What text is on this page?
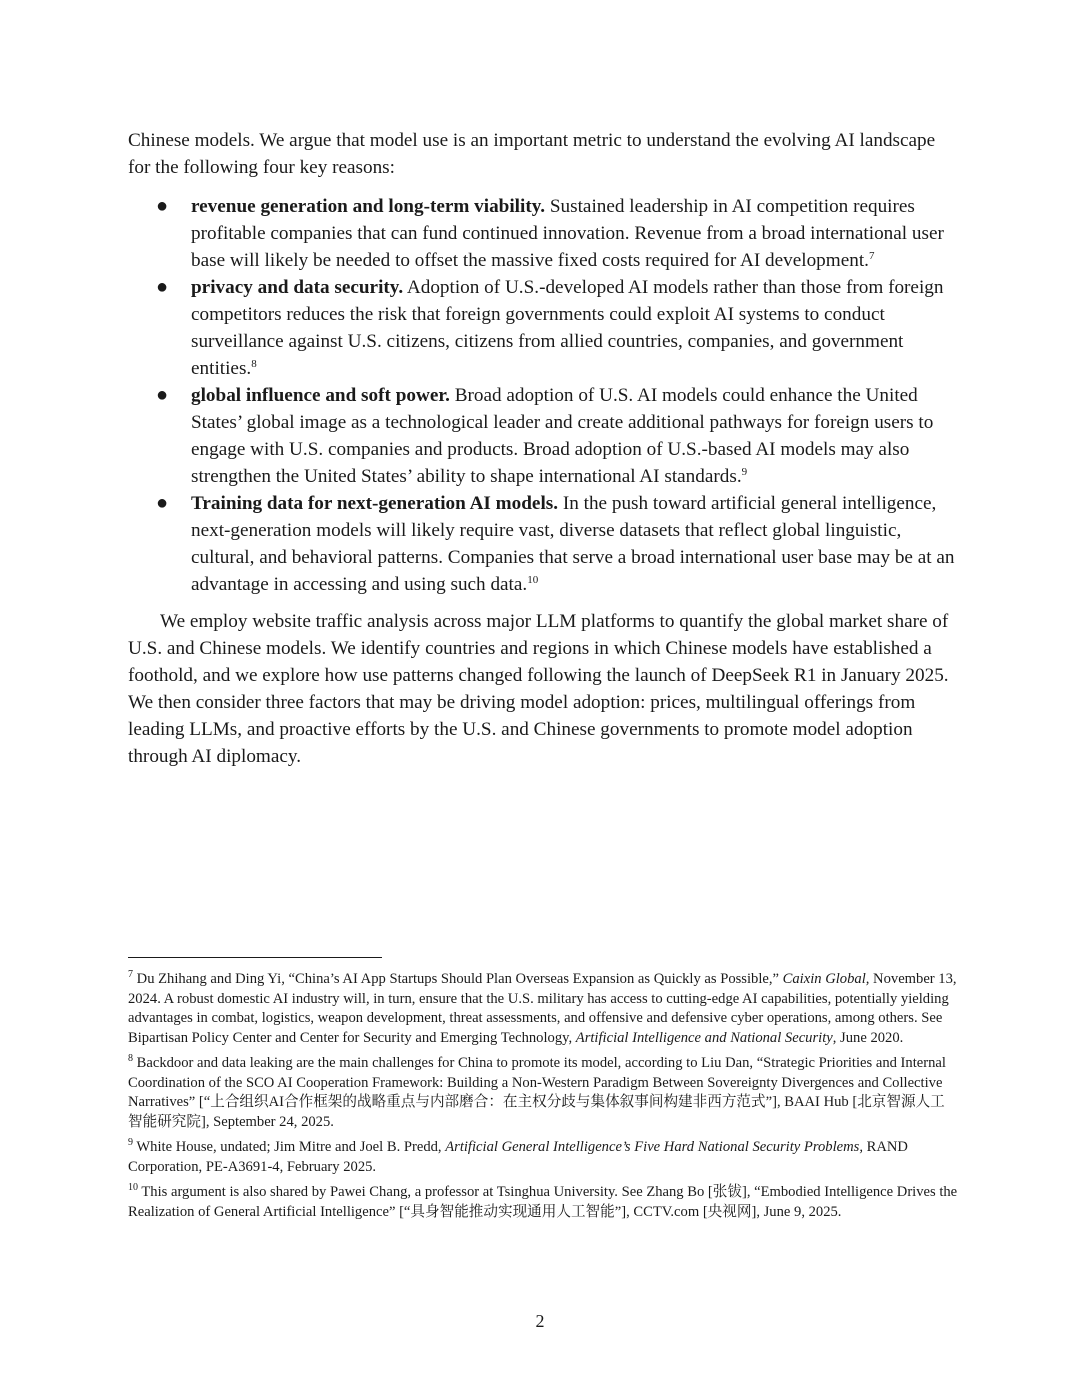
Chinese models. We argue that model use is an important metric to understand the evolving AI landscape for the following four key reasons:

● revenue generation and long-term viability. Sustained leadership in AI competition requires profitable companies that can fund continued innovation. Revenue from a broad international user base will likely be needed to offset the massive fixed costs required for AI development.$^7$
● privacy and data security. Adoption of U.S.-developed AI models rather than those from foreign competitors reduces the risk that foreign governments could exploit AI systems to conduct surveillance against U.S. citizens, citizens from allied countries, companies, and government entities.$^8$
● global influence and soft power. Broad adoption of U.S. AI models could enhance the United States’ global image as a technological leader and create additional pathways for foreign users to engage with U.S. companies and products. Broad adoption of U.S.-based AI models may also strengthen the United States’ ability to shape international AI standards.$^9$
● Training data for next-generation AI models. In the push toward artificial general intelligence, next-generation models will likely require vast, diverse datasets that reflect global linguistic, cultural, and behavioral patterns. Companies that serve a broad international user base may be at an advantage in accessing and using such data.$^{10}$

We employ website traffic analysis across major LLM platforms to quantify the global market share of U.S. and Chinese models. We identify countries and regions in which Chinese models have established a foothold, and we explore how use patterns changed following the launch of DeepSeek R1 in January 2025. We then consider three factors that may be driving model adoption: prices, multilingual offerings from leading LLMs, and proactive efforts by the U.S. and Chinese governments to promote model adoption through AI diplomacy.

$^7$ Du Zhihang and Ding Yi, “China’s AI App Startups Should Plan Overseas Expansion as Quickly as Possible,” Caixin Global, November 13, 2024. A robust domestic AI industry will, in turn, ensure that the U.S. military has access to cutting-edge AI capabilities, potentially yielding advantages in combat, logistics, weapon development, threat assessments, and offensive and defensive cyber operations, among others. See Bipartisan Policy Center and Center for Security and Emerging Technology, Artificial Intelligence and National Security, June 2020.
$^8$ Backdoor and data leaking are the main challenges for China to promote its model, according to Liu Dan, “Strategic Priorities and Internal Coordination of the SCO AI Cooperation Framework: Building a Non-Western Paradigm Between Sovereignty Divergences and Collective Narratives” [“上合组织AI合作框架的战略重点与内部磨合：在主权分歧与集体叙事间构建非西方范式”], BAAI Hub [北京智源人工智能研究院], September 24, 2025.
$^9$ White House, undated; Jim Mitre and Joel B. Predd, Artificial General Intelligence’s Five Hard National Security Problems, RAND Corporation, PE-A3691-4, February 2025.
$^{10}$ This argument is also shared by Pawei Chang, a professor at Tsinghua University. See Zhang Bo [张钹], “Embodied Intelligence Drives the Realization of General Artificial Intelligence” [“具身智能推动实现通用人工智能”], CCTV.com [央视网], June 9, 2025.
2
